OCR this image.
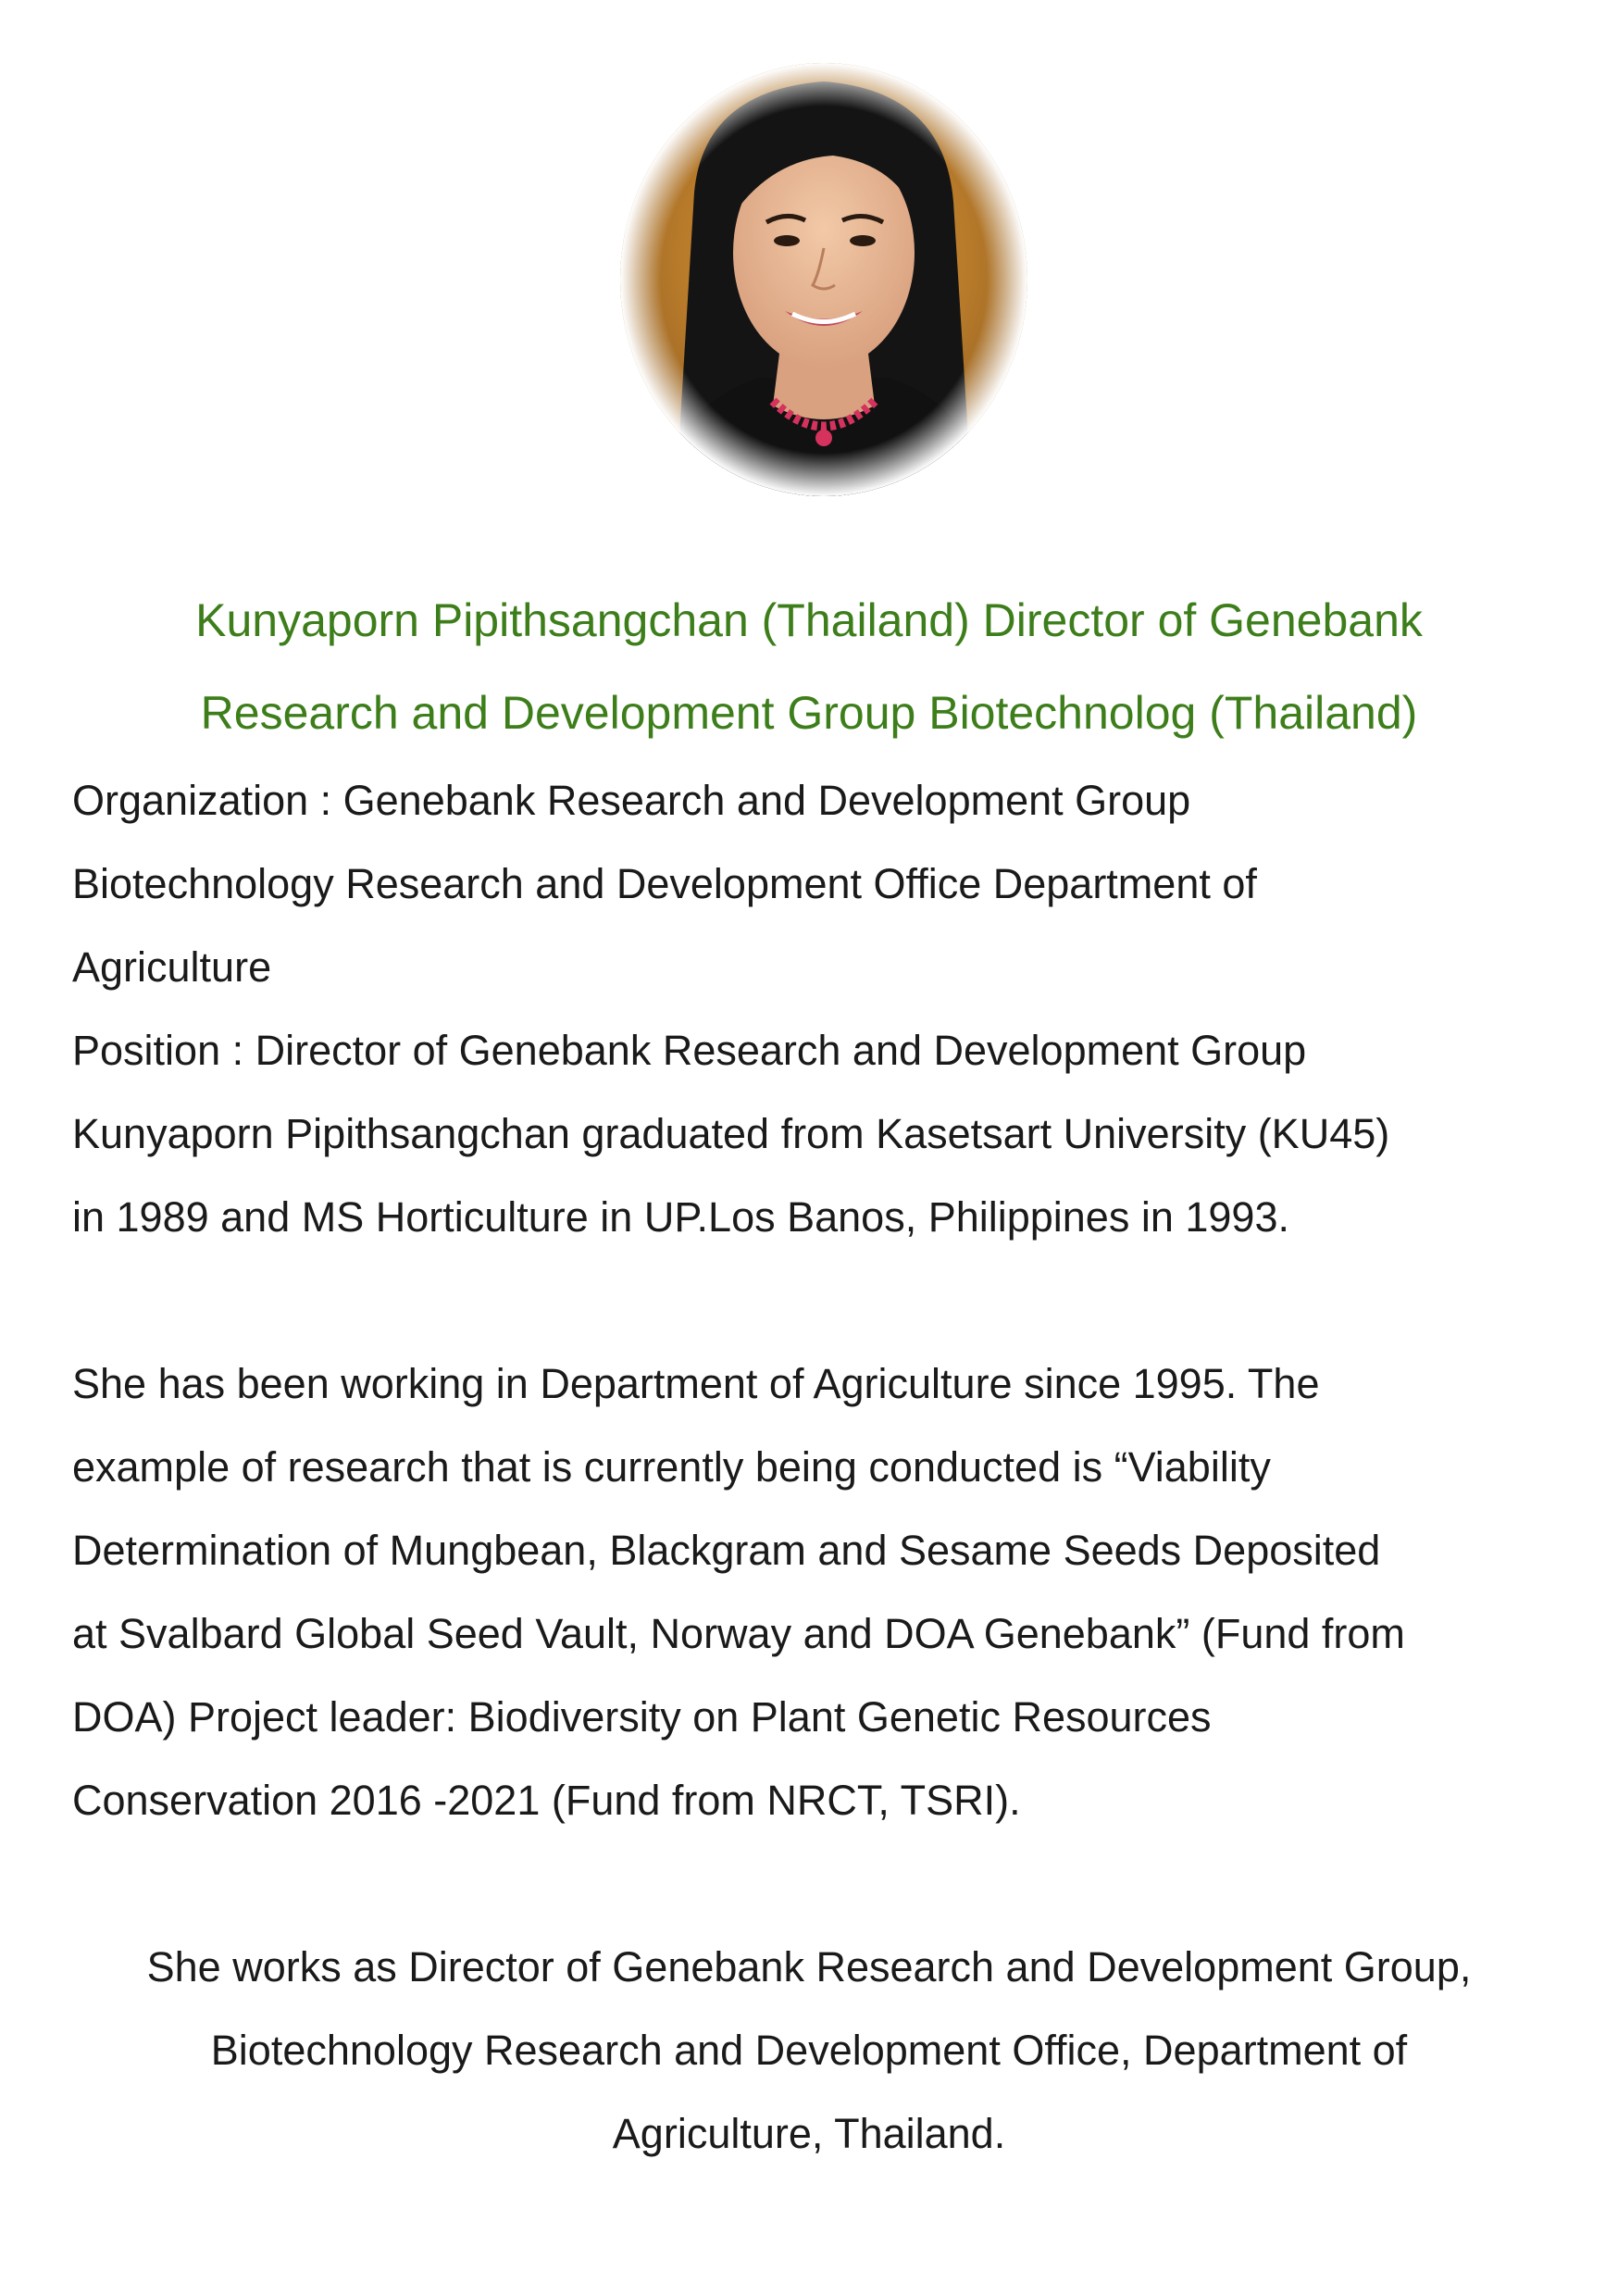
Kunyaporn Pipithsangchan (Thailand) Director of Genebank
Research and Development Group Biotechnolog (Thailand)
Organization : Genebank Research and Development Group
Biotechnology Research and Development Office Department of
Agriculture
Position : Director of Genebank Research and Development Group
Kunyaporn Pipithsangchan graduated from Kasetsart University (KU45)
in 1989 and MS Horticulture in UP.Los Banos, Philippines in 1993.
She has been working in Department of Agriculture since 1995. The
example of research that is currently being conducted is “Viability
Determination of Mungbean, Blackgram and Sesame Seeds Deposited
at Svalbard Global Seed Vault, Norway and DOA Genebank” (Fund from
DOA) Project leader: Biodiversity on Plant Genetic Resources
Conservation 2016 -2021 (Fund from NRCT, TSRI).
She works as Director of Genebank Research and Development Group,
Biotechnology Research and Development Office, Department of
Agriculture, Thailand.
